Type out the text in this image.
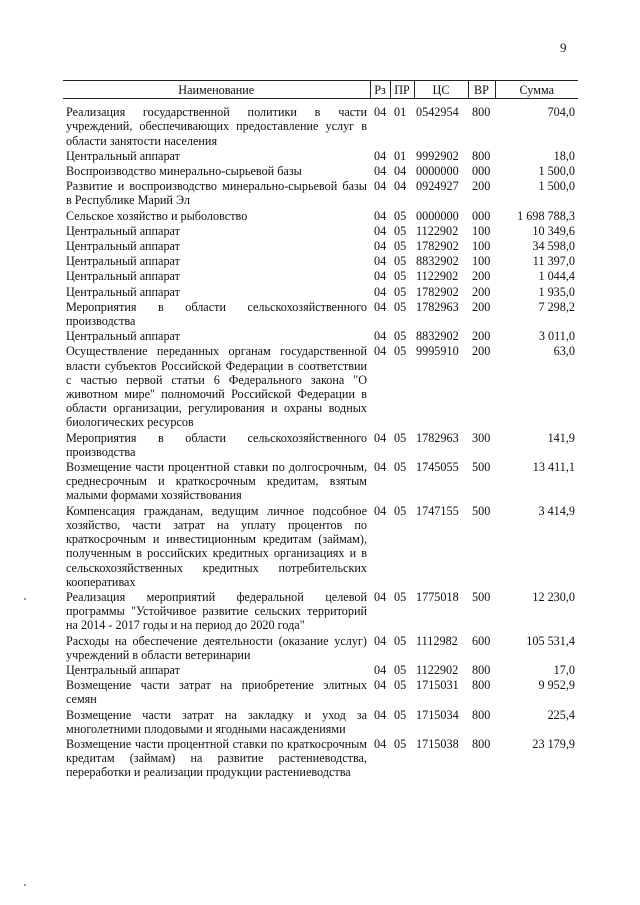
9
Наименование	Рз	ПР	ЦС	ВР	Сумма
Реализация государственной политики в части учреждений, обеспечивающих предоставление услуг в области занятости населения	04	01	0542954	800	704,0
Центральный аппарат	04	01	9992902	800	18,0
Воспроизводство минерально-сырьевой базы	04	04	0000000	000	1 500,0
Развитие и воспроизводство минерально-сырьевой базы в Республике Марий Эл	04	04	0924927	200	1 500,0
Сельское хозяйство и рыболовство	04	05	0000000	000	1 698 788,3
Центральный аппарат	04	05	1122902	100	10 349,6
Центральный аппарат	04	05	1782902	100	34 598,0
Центральный аппарат	04	05	8832902	100	11 397,0
Центральный аппарат	04	05	1122902	200	1 044,4
Центральный аппарат	04	05	1782902	200	1 935,0
Мероприятия в области сельскохозяйственного производства	04	05	1782963	200	7 298,2
Центральный аппарат	04	05	8832902	200	3 011,0
Осуществление переданных органам государственной власти субъектов Российской Федерации в соответствии с частью первой статьи 6 Федерального закона "О животном мире" полномочий Российской Федерации в области организации, регулирования и охраны водных биологических ресурсов	04	05	9995910	200	63,0
Мероприятия в области сельскохозяйственного производства	04	05	1782963	300	141,9
Возмещение части процентной ставки по долгосрочным, среднесрочным и краткосрочным кредитам, взятым малыми формами хозяйствования	04	05	1745055	500	13 411,1
Компенсация гражданам, ведущим личное подсобное хозяйство, части затрат на уплату процентов по краткосрочным и инвестиционным кредитам (займам), полученным в российских кредитных организациях и в сельскохозяйственных кредитных потребительских кооперативах	04	05	1747155	500	3 414,9
Реализация мероприятий федеральной целевой программы "Устойчивое развитие сельских территорий на 2014 - 2017 годы и на период до 2020 года"	04	05	1775018	500	12 230,0
Расходы на обеспечение деятельности (оказание услуг) учреждений в области ветеринарии	04	05	1112982	600	105 531,4
Центральный аппарат	04	05	1122902	800	17,0
Возмещение части затрат на приобретение элитных семян	04	05	1715031	800	9 952,9
Возмещение части затрат на закладку и уход за многолетними плодовыми и ягодными насаждениями	04	05	1715034	800	225,4
Возмещение части процентной ставки по краткосрочным кредитам (займам) на развитие растениеводства, переработки и реализации продукции растениеводства	04	05	1715038	800	23 179,9
